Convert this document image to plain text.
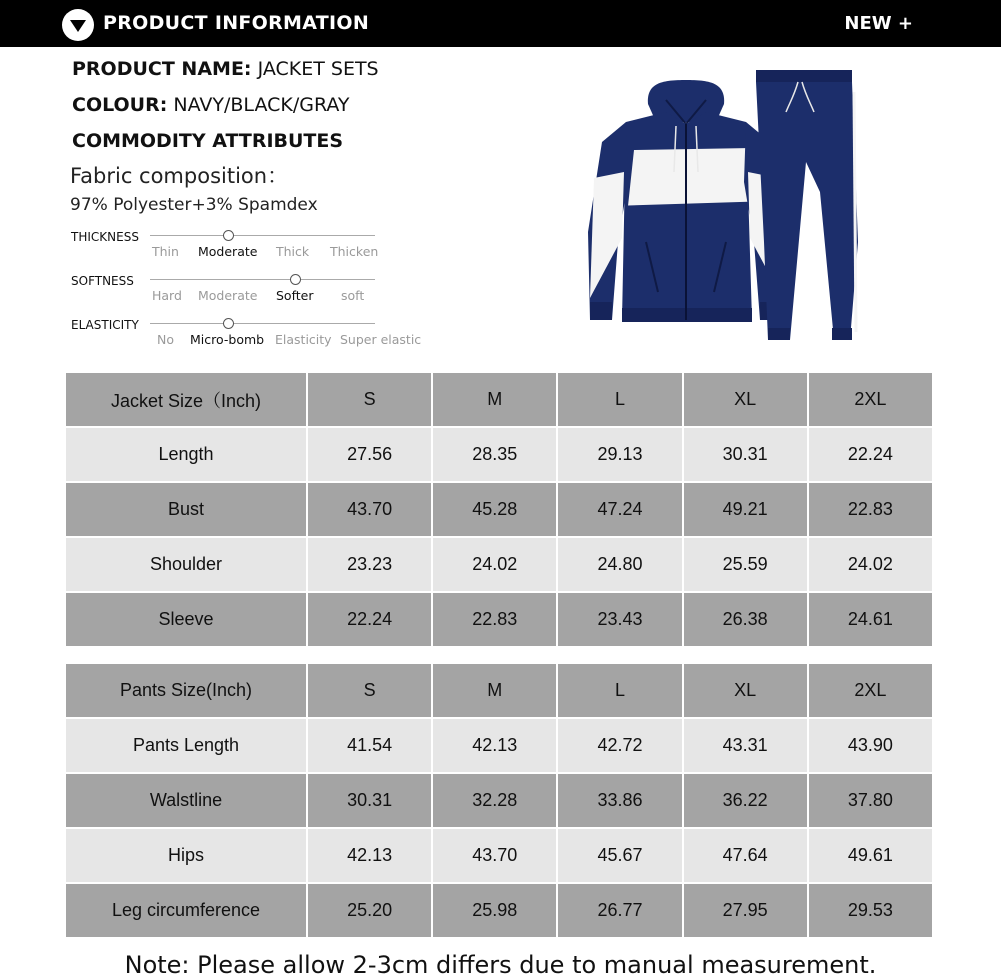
PRODUCT INFORMATION	NEW +
PRODUCT NAME: JACKET SETS
COLOUR: NAVY/BLACK/GRAY
COMMODITY ATTRIBUTES
Fabric composition：
97% Polyester+3% Spamdex
THICKNESS
Thin Moderate Thick Thicken
SOFTNESS
Hard Moderate Softer soft
ELASTICITY
No Micro-bomb Elasticity Super elastic
Jacket Size（Inch)	S	M	L	XL	2XL
Length	27.56	28.35	29.13	30.31	22.24
Bust	43.70	45.28	47.24	49.21	22.83
Shoulder	23.23	24.02	24.80	25.59	24.02
Sleeve	22.24	22.83	23.43	26.38	24.61
Pants Size(Inch)	S	M	L	XL	2XL
Pants Length	41.54	42.13	42.72	43.31	43.90
Walstline	30.31	32.28	33.86	36.22	37.80
Hips	42.13	43.70	45.67	47.64	49.61
Leg circumference	25.20	25.98	26.77	27.95	29.53
Note: Please allow 2-3cm differs due to manual measurement.
